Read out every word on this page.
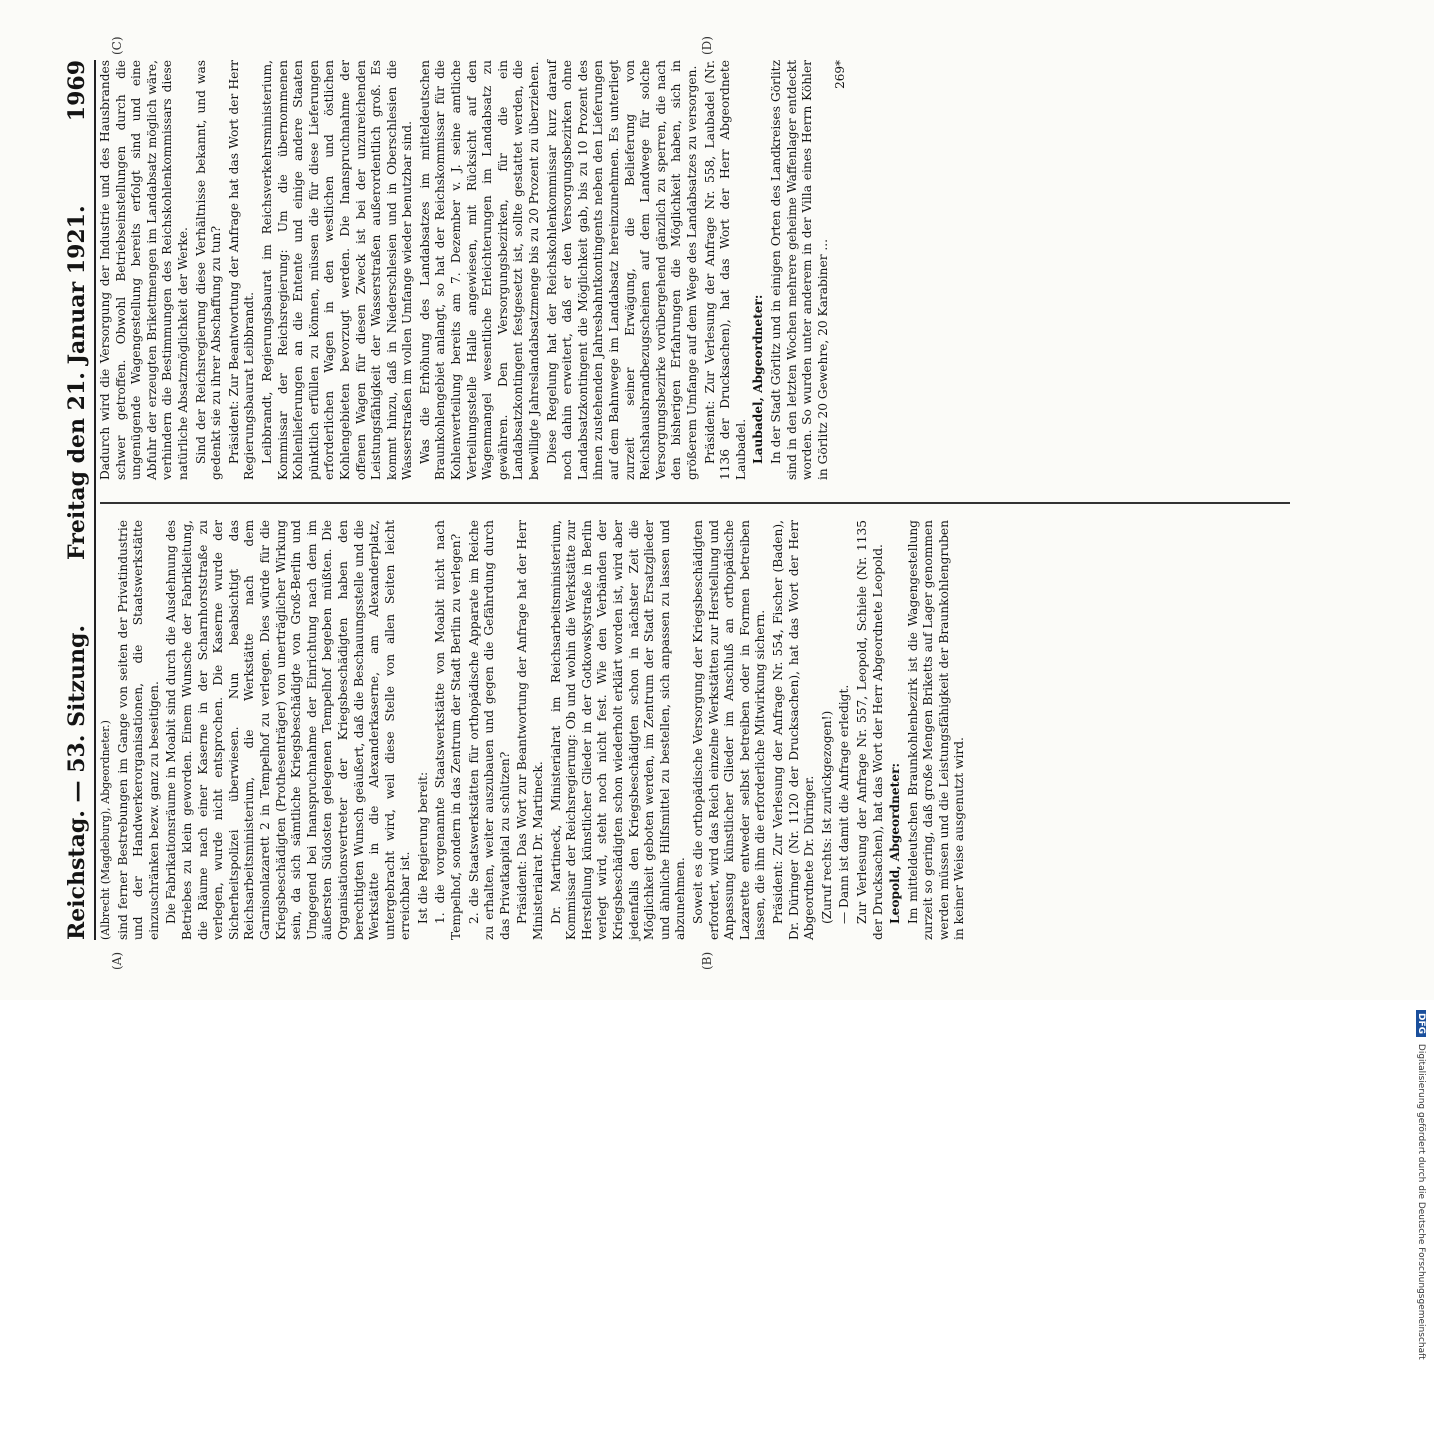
Reichstag. — 53. Sitzung.
Freitag den 21. Januar 1921.
1969
(A)	(B)
(C)	(D)

(Albrecht (Magdeburg), Abgeordneter.) sind ferner Bestrebungen im Gange von seiten der Privatindustrie und der Handwerkerorganisationen, die Staatswerkstätte einzuschränken bezw. ganz zu beseitigen. Die Fabrikationsräume in Moabit sind durch die Ausdehnung des Betriebes zu klein geworden. Einem Wunsche der Fabrikleitung, die Räume nach einer Kaserne in der Scharnhorststraße zu verlegen, wurde nicht entsprochen. Die Kaserne wurde der Sicherheitspolizei überwiesen. Nun beabsichtigt das Reichsarbeitsministerium, die Werkstätte nach dem Garnisonlazarett 2 in Tempelhof zu verlegen. Dies würde für die Kriegsbeschädigten (Prothesenträger) von unerträglicher Wirkung sein, da sich sämtliche Kriegsbeschädigte von Groß-Berlin und Umgegend bei Inanspruchnahme der Einrichtung nach dem im äußersten Südosten gelegenen Tempelhof begeben müßten. Die Organisationsvertreter der Kriegsbeschädigten haben den berechtigten Wunsch geäußert, daß die Beschauungsstelle und die Werkstätte in die Alexanderkaserne, am Alexanderplatz, untergebracht wird, weil diese Stelle von allen Seiten leicht erreichbar ist. Ist die Regierung bereit: 1. die vorgenannte Staatswerkstätte von Moabit nicht nach Tempelhof, sondern in das Zentrum der Stadt Berlin zu verlegen? 2. die Staatswerkstätten für orthopädische Apparate im Reiche zu erhalten, weiter auszubauen und gegen die Gefährdung durch das Privatkapital zu schützen? Präsident: Das Wort zur Beantwortung der Anfrage hat der Herr Ministerialrat Dr. Martineck. Dr. Martineck, Ministerialrat im Reichsarbeitsministerium, Kommissar der Reichsregierung: Ob und wohin die Werkstätte zur Herstellung künstlicher Glieder in der Gotkowskystraße in Berlin verlegt wird, steht noch nicht fest. Wie den Verbänden der Kriegsbeschädigten schon wiederholt erklärt worden ist, wird aber jedenfalls den Kriegsbeschädigten schon in nächster Zeit die Möglichkeit geboten werden, im Zentrum der Stadt Ersatzglieder und ähnliche Hilfsmittel zu bestellen, sich anpassen zu lassen und abzunehmen. Soweit es die orthopädische Versorgung der Kriegsbeschädigten erfordert, wird das Reich einzelne Werkstätten zur Herstellung und Anpassung künstlicher Glieder im Anschluß an orthopädische Lazarette entweder selbst betreiben oder in Formen betreiben lassen, die ihm die erforderliche Mitwirkung sichern. Präsident: Zur Verlesung der Anfrage Nr. 554, Fischer (Baden), Dr. Düringer (Nr. 1120 der Drucksachen), hat das Wort der Herr Abgeordnete Dr. Düringer. (Zuruf rechts: Ist zurückgezogen!) — Dann ist damit die Anfrage erledigt. Zur Verlesung der Anfrage Nr. 557, Leopold, Schiele (Nr. 1135 der Drucksachen), hat das Wort der Herr Abgeordnete Leopold. Leopold, Abgeordneter: Im mitteldeutschen Braunkohlenbezirk ist die Wagengestellung zurzeit so gering, daß große Mengen Briketts auf Lager genommen werden müssen und die Leistungsfähigkeit der Braunkohlengruben in keiner Weise ausgenutzt wird.

Dadurch wird die Versorgung der Industrie und des Hausbrandes schwer getroffen. Obwohl Betriebseinstellungen durch die ungenügende Wagengestellung bereits erfolgt sind und eine Abfuhr der erzeugten Brikettmengen im Landabsatz möglich wäre, verhindern die Bestimmungen des Reichskohlenkommissars diese natürliche Absatzmöglichkeit der Werke. Sind der Reichsregierung diese Verhältnisse bekannt, und was gedenkt sie zu ihrer Abschaffung zu tun? Präsident: Zur Beantwortung der Anfrage hat das Wort der Herr Regierungsbaurat Leibbrandt. Leibbrandt, Regierungsbaurat im Reichsverkehrsministerium, Kommissar der Reichsregierung: Um die übernommenen Kohlenlieferungen an die Entente und einige andere Staaten pünktlich erfüllen zu können, müssen die für diese Lieferungen erforderlichen Wagen in den westlichen und östlichen Kohlengebieten bevorzugt werden. Die Inanspruchnahme der offenen Wagen für diesen Zweck ist bei der unzureichenden Leistungsfähigkeit der Wasserstraßen außerordentlich groß. Es kommt hinzu, daß in Niederschlesien und in Oberschlesien die Wasserstraßen im vollen Umfange wieder benutzbar sind. Was die Erhöhung des Landabsatzes im mitteldeutschen Braunkohlengebiet anlangt, so hat der Reichskommissar für die Kohlenverteilung bereits am 7. Dezember v. J. seine amtliche Verteilungsstelle Halle angewiesen, mit Rücksicht auf den Wagenmangel wesentliche Erleichterungen im Landabsatz zu gewähren. Den Versorgungsbezirken, für die ein Landabsatzkontingent festgesetzt ist, sollte gestattet werden, die bewilligte Jahreslandabsatzmenge bis zu 20 Prozent zu überziehen. Diese Regelung hat der Reichskohlenkommissar kurz darauf noch dahin erweitert, daß er den Versorgungsbezirken ohne Landabsatzkontingent die Möglichkeit gab, bis zu 10 Prozent des ihnen zustehenden Jahresbahntkontingents neben den Lieferungen auf dem Bahnwege im Landabsatz hereinzunehmen. Es unterliegt zurzeit seiner Erwägung, die Belieferung von Reichshausbrandbezugscheinen auf dem Landwege für solche Versorgungsbezirke vorübergehend gänzlich zu sperren, die nach den bisherigen Erfahrungen die Möglichkeit haben, sich in größerem Umfange auf dem Wege des Landabsatzes zu versorgen. Präsident: Zur Verlesung der Anfrage Nr. 558, Laubadel (Nr. 1136 der Drucksachen), hat das Wort der Herr Abgeordnete Laubadel. Laubadel, Abgeordneter: In der Stadt Görlitz und in einigen Orten des Landkreises Görlitz sind in den letzten Wochen mehrere geheime Waffenlager entdeckt worden. So wurden unter anderem in der Villa eines Herrn Köhler in Görlitz 20 Gewehre, 20 Karabiner ...

269*

DFG Digitalisierung gefördert durch die Deutsche Forschungsgemeinschaft
